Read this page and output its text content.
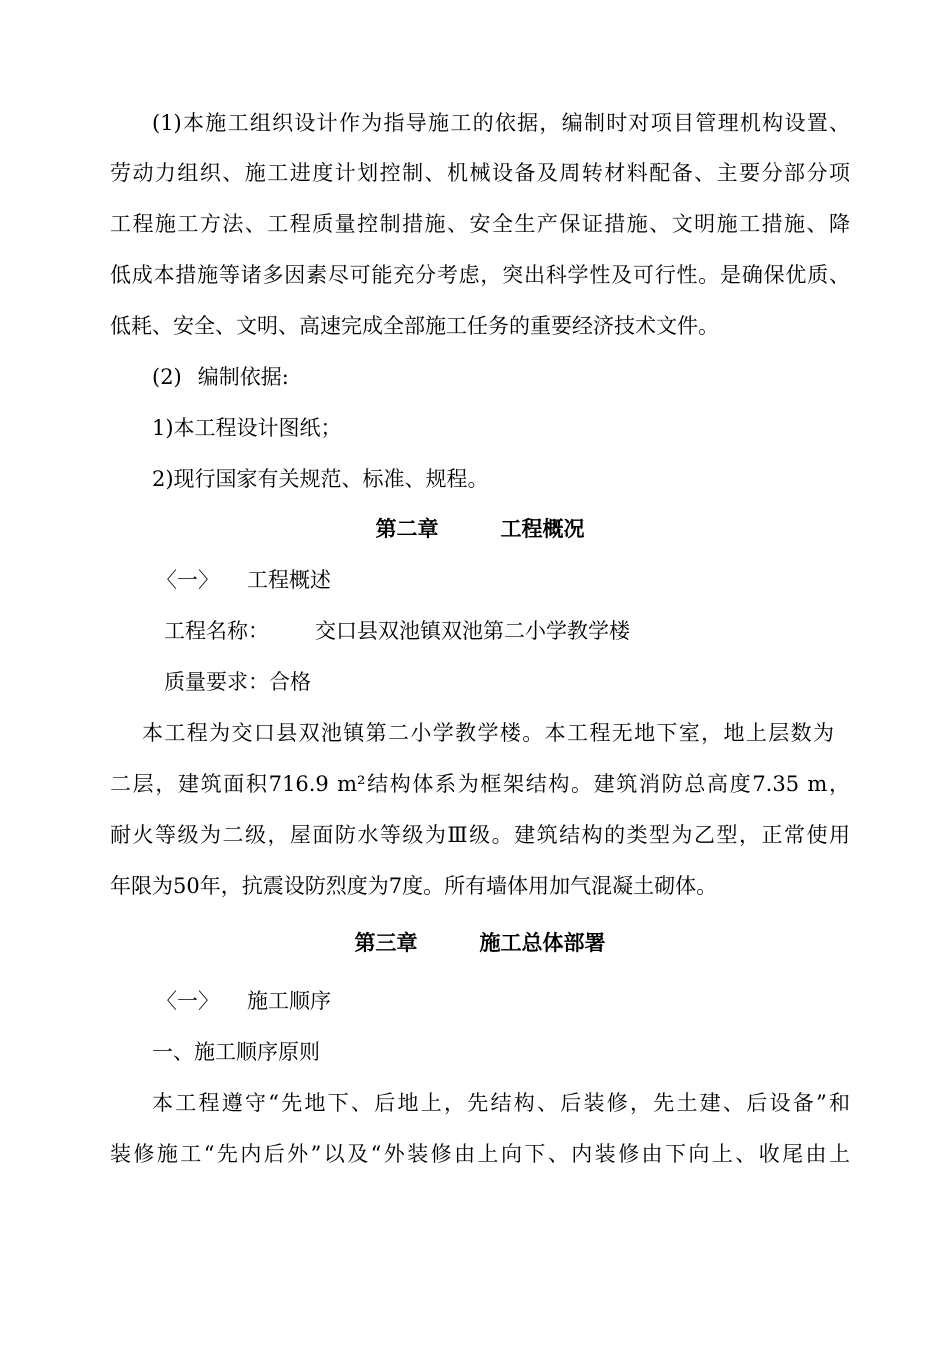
(1)本施工组织设计作为指导施工的依据，编制时对项目管理机构设置、
劳动力组织、施工进度计划控制、机械设备及周转材料配备、主要分部分项
工程施工方法、工程质量控制措施、安全生产保证措施、文明施工措施、降
低成本措施等诸多因素尽可能充分考虑，突出科学性及可行性。是确保优质、
低耗、安全、文明、高速完成全部施工任务的重要经济技术文件。
(2) 编制依据:
1)本工程设计图纸；
2)现行国家有关规范、标准、规程。
第二章	工程概况
〈一〉 工程概述
工程名称： 交口县双池镇双池第二小学教学楼
质量要求：合格
本工程为交口县双池镇第二小学教学楼。本工程无地下室，地上层数为
二层，建筑面积716.9 m²结构体系为框架结构。建筑消防总高度7.35 m，
耐火等级为二级，屋面防水等级为Ⅲ级。建筑结构的类型为乙型，正常使用
年限为50年，抗震设防烈度为7度。所有墙体用加气混凝土砌体。
第三章	施工总体部署
〈一〉 施工顺序
一、施工顺序原则
本工程遵守“先地下、后地上，先结构、后装修，先土建、后设备”和
装修施工“先内后外”以及“外装修由上向下、内装修由下向上、收尾由上
